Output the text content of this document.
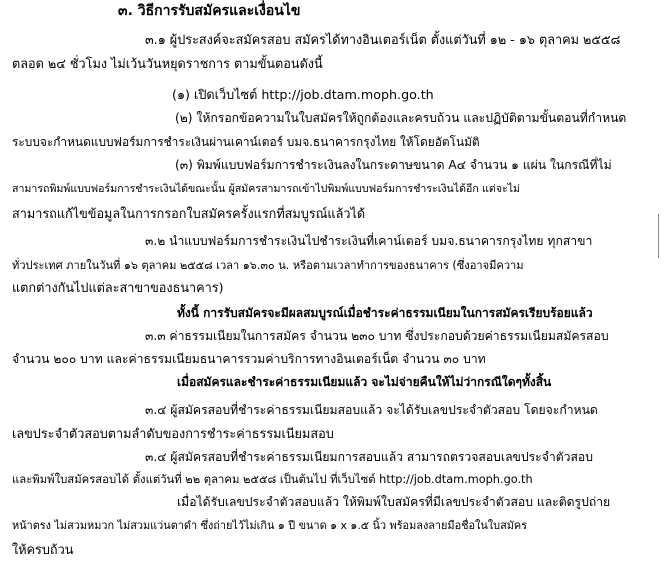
๓. วิธีการรับสมัครและเงื่อนไข
๓.๑ ผู้ประสงค์จะสมัครสอบ สมัครได้ทางอินเตอร์เน็ต ตั้งแต่วันที่ ๑๒ - ๑๖ ตุลาคม ๒๕๕๘
ตลอด ๒๔ ชั่วโมง ไม่เว้นวันหยุดราชการ ตามขั้นตอนดังนี้
(๑) เปิดเว็บไซต์ http://job.dtam.moph.go.th
(๒) ให้กรอกข้อความในใบสมัครให้ถูกต้องและครบถ้วน และปฏิบัติตามขั้นตอนที่กำหนด
ระบบจะกำหนดแบบฟอร์มการชำระเงินผ่านเคาน์เตอร์ บมจ.ธนาคารกรุงไทย ให้โดยอัตโนมัติ
(๓) พิมพ์แบบฟอร์มการชำระเงินลงในกระดาษขนาด A๔ จำนวน ๑ แผ่น ในกรณีที่ไม่
สามารถพิมพ์แบบฟอร์มการชำระเงินได้ขณะนั้น ผู้สมัครสามารถเข้าไปพิมพ์แบบฟอร์มการชำระเงินได้อีก แต่จะไม่
สามารถแก้ไขข้อมูลในการกรอกใบสมัครครั้งแรกที่สมบูรณ์แล้วได้
๓.๒ นำแบบฟอร์มการชำระเงินไปชำระเงินที่เคาน์เตอร์ บมจ.ธนาคารกรุงไทย ทุกสาขา
ทั่วประเทศ ภายในวันที่ ๑๖ ตุลาคม ๒๕๕๘ เวลา ๑๖.๓๐ น. หรือตามเวลาทำการของธนาคาร (ซึ่งอาจมีความ
แตกต่างกันไปแต่ละสาขาของธนาคาร)
ทั้งนี้ การรับสมัครจะมีผลสมบูรณ์เมื่อชำระค่าธรรมเนียมในการสมัครเรียบร้อยแล้ว
๓.๓ ค่าธรรมเนียมในการสมัคร จำนวน ๒๓๐ บาท ซึ่งประกอบด้วยค่าธรรมเนียมสมัครสอบ
จำนวน ๒๐๐ บาท และค่าธรรมเนียมธนาคารรวมค่าบริการทางอินเตอร์เน็ต จำนวน ๓๐ บาท
เมื่อสมัครและชำระค่าธรรมเนียมแล้ว จะไม่จ่ายคืนให้ไม่ว่ากรณีใดๆทั้งสิ้น
๓.๔ ผู้สมัครสอบที่ชำระค่าธรรมเนียมสอบแล้ว จะได้รับเลขประจำตัวสอบ โดยจะกำหนด
เลขประจำตัวสอบตามลำดับของการชำระค่าธรรมเนียมสอบ
๓.๔ ผู้สมัครสอบที่ชำระค่าธรรมเนียมการสอบแล้ว สามารถตรวจสอบเลขประจำตัวสอบ
และพิมพ์ใบสมัครสอบได้ ตั้งแต่วันที่ ๒๒ ตุลาคม ๒๕๕๘ เป็นต้นไป ที่เว็บไซต์ http://job.dtam.moph.go.th
เมื่อได้รับเลขประจำตัวสอบแล้ว ให้พิมพ์ใบสมัครที่มีเลขประจำตัวสอบ และติดรูปถ่าย
หน้าตรง ไม่สวมหมวก ไม่สวมแว่นตาดำ ซึ่งถ่ายไว้ไม่เกิน ๑ ปี ขนาด ๑ x ๑.๕ นิ้ว พร้อมลงลายมือชื่อในใบสมัคร
ให้ครบถ้วน
